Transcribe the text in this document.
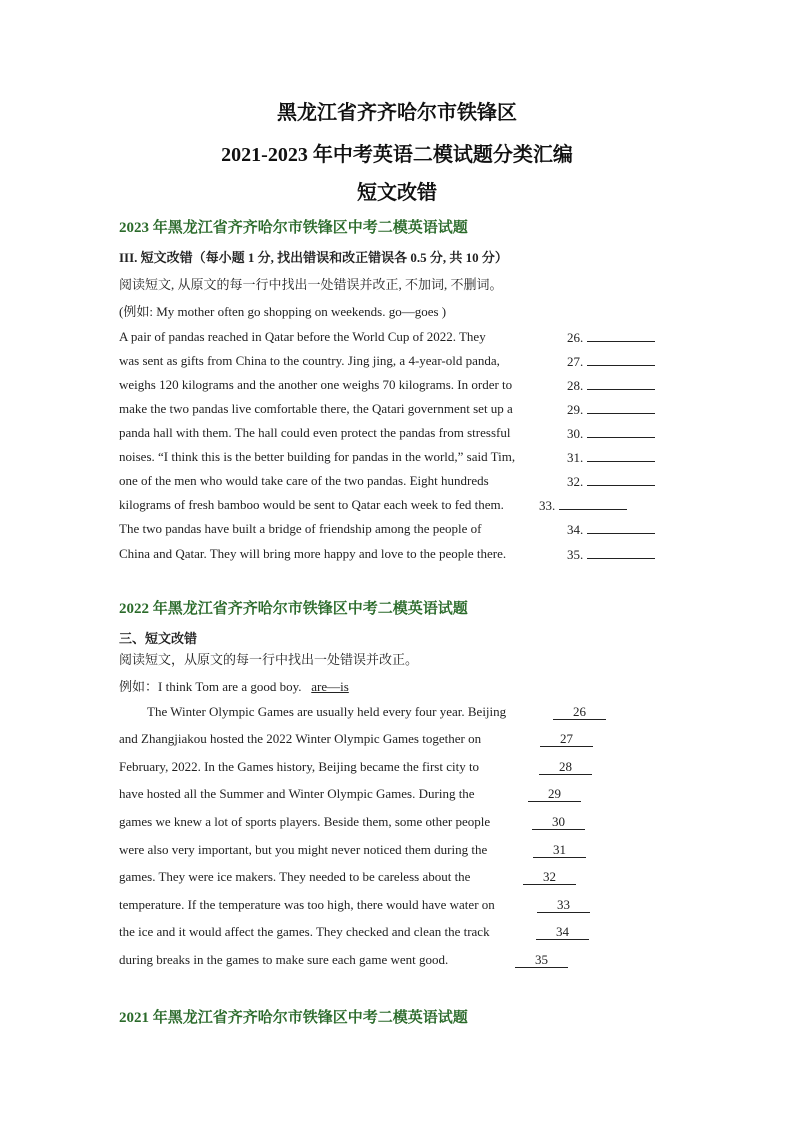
黑龙江省齐齐哈尔市铁锋区
2021-2023 年中考英语二模试题分类汇编
短文改错
2023 年黑龙江省齐齐哈尔市铁锋区中考二模英语试题
III. 短文改错（每小题 1 分, 找出错误和改正错误各 0.5 分, 共 10 分）
阅读短文, 从原文的每一行中找出一处错误并改正, 不加词, 不删词。
(例如: My mother often go shopping on weekends. go—goes )
A pair of pandas reached in Qatar before the World Cup of 2022. They	26.
was sent as gifts from China to the country. Jing jing, a 4-year-old panda,	27.
weighs 120 kilograms and the another one weighs 70 kilograms. In order to	28.
make the two pandas live comfortable there, the Qatari government set up a	29.
panda hall with them. The hall could even protect the pandas from stressful	30.
noises. “I think this is the better building for pandas in the world,” said Tim,	31.
one of the men who would take care of the two pandas. Eight hundreds	32.
kilograms of fresh bamboo would be sent to Qatar each week to fed them.	33.
The two pandas have built a bridge of friendship among the people of	34.
China and Qatar. They will bring more happy and love to the people there.	35.
2022 年黑龙江省齐齐哈尔市铁锋区中考二模英语试题
三、短文改错
阅读短文，从原文的每一行中找出一处错误并改正。
例如：I think Tom are a good boy. are—is
The Winter Olympic Games are usually held every four year. Beijing	26
and Zhangjiakou hosted the 2022 Winter Olympic Games together on	27
February, 2022. In the Games history, Beijing became the first city to	28
have hosted all the Summer and Winter Olympic Games. During the	29
games we knew a lot of sports players. Beside them, some other people	30
were also very important, but you might never noticed them during the	31
games. They were ice makers. They needed to be careless about the	32
temperature. If the temperature was too high, there would have water on	33
the ice and it would affect the games. They checked and clean the track	34
during breaks in the games to make sure each game went good.	35
2021 年黑龙江省齐齐哈尔市铁锋区中考二模英语试题
